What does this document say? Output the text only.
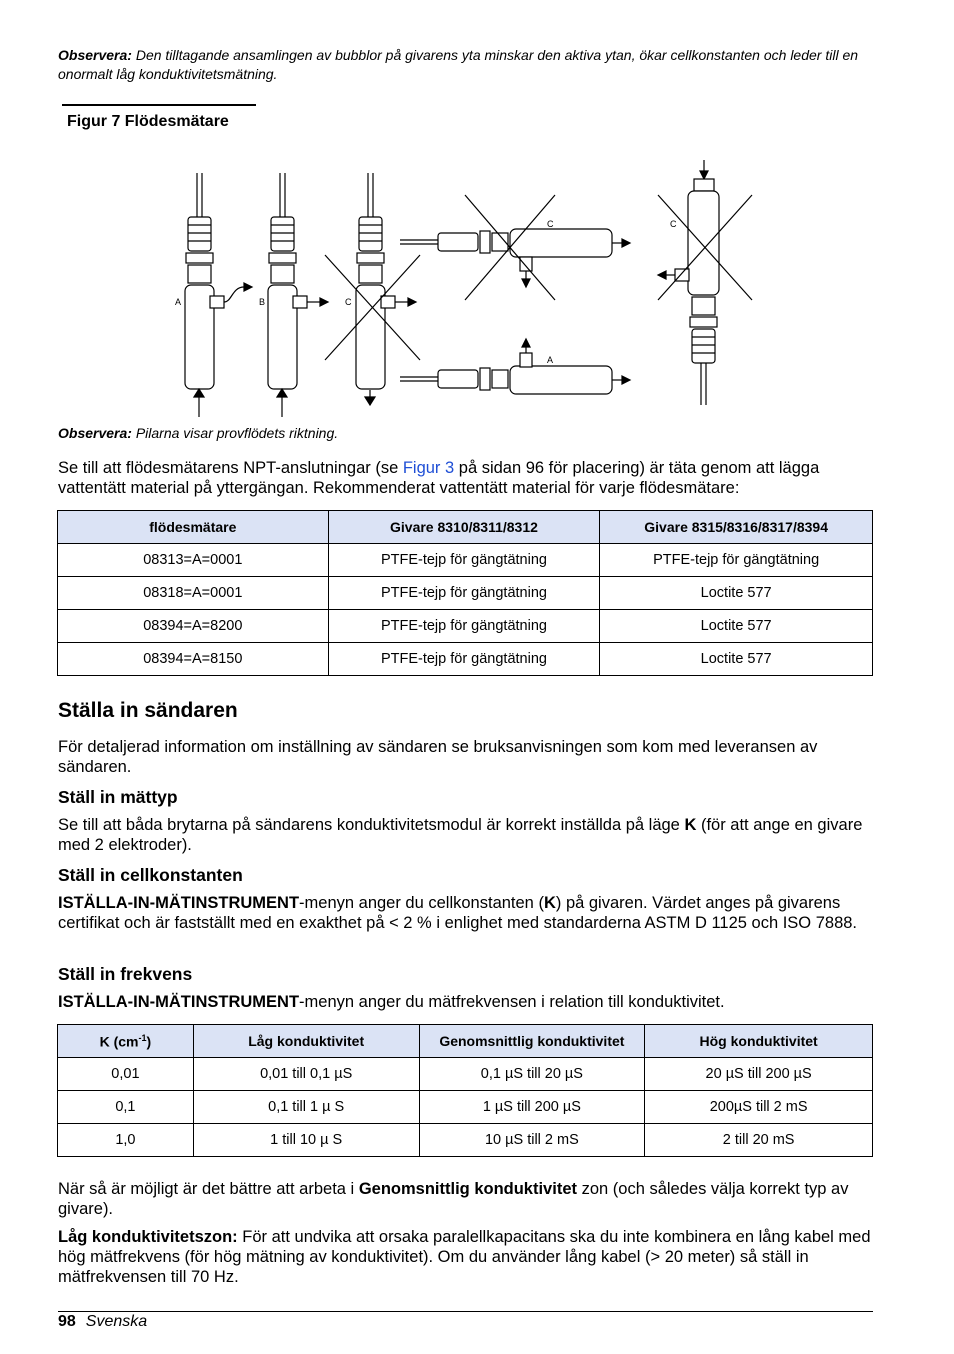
Observera: Den tilltagande ansamlingen av bubblor på givarens yta minskar den aktiva ytan, ökar cellkonstanten och leder till en onormalt låg konduktivitetsmätning.
Figur 7 Flödesmätare
A	B	C
C	C
A
Observera: Pilarna visar provflödets riktning.
Se till att flödesmätarens NPT-anslutningar (se Figur 3 på sidan 96 för placering) är täta genom att lägga vattentätt material på yttergängan. Rekommenderat vattentätt material för varje flödesmätare:
flödesmätare	Givare 8310/8311/8312	Givare 8315/8316/8317/8394
08313=A=0001	PTFE-tejp för gängtätning	PTFE-tejp för gängtätning
08318=A=0001	PTFE-tejp för gängtätning	Loctite 577
08394=A=8200	PTFE-tejp för gängtätning	Loctite 577
08394=A=8150	PTFE-tejp för gängtätning	Loctite 577
Ställa in sändaren
För detaljerad information om inställning av sändaren se bruksanvisningen som kom med leveransen av sändaren.
Ställ in mättyp
Se till att båda brytarna på sändarens konduktivitetsmodul är korrekt inställda på läge K (för att ange en givare med 2 elektroder).
Ställ in cellkonstanten
ISTÄLLA-IN-MÄTINSTRUMENT-menyn anger du cellkonstanten (K) på givaren. Värdet anges på givarens certifikat och är fastställt med en exakthet på < 2 % i enlighet med standarderna ASTM D 1125 och ISO 7888.
Ställ in frekvens
ISTÄLLA-IN-MÄTINSTRUMENT-menyn anger du mätfrekvensen i relation till konduktivitet.
K $(cm^{-1})$	Låg konduktivitet	Genomsnittlig konduktivitet	Hög konduktivitet
0,01	0,01 till 0,1 µS	0,1 µS till 20 µS	20 µS till 200 µS
0,1	0,1 till 1 µ S	1 µS till 200 µS	200µS till 2 mS
1,0	1 till 10 µ S	10 µS till 2 mS	2 till 20 mS
När så är möjligt är det bättre att arbeta i Genomsnittlig konduktivitet zon (och således välja korrekt typ av givare).
Låg konduktivitetszon: För att undvika att orsaka paralellkapacitans ska du inte kombinera en lång kabel med hög mätfrekvens (för hög mätning av konduktivitet). Om du använder lång kabel (> 20 meter) så ställ in mätfrekvensen till 70 Hz.
98 Svenska
